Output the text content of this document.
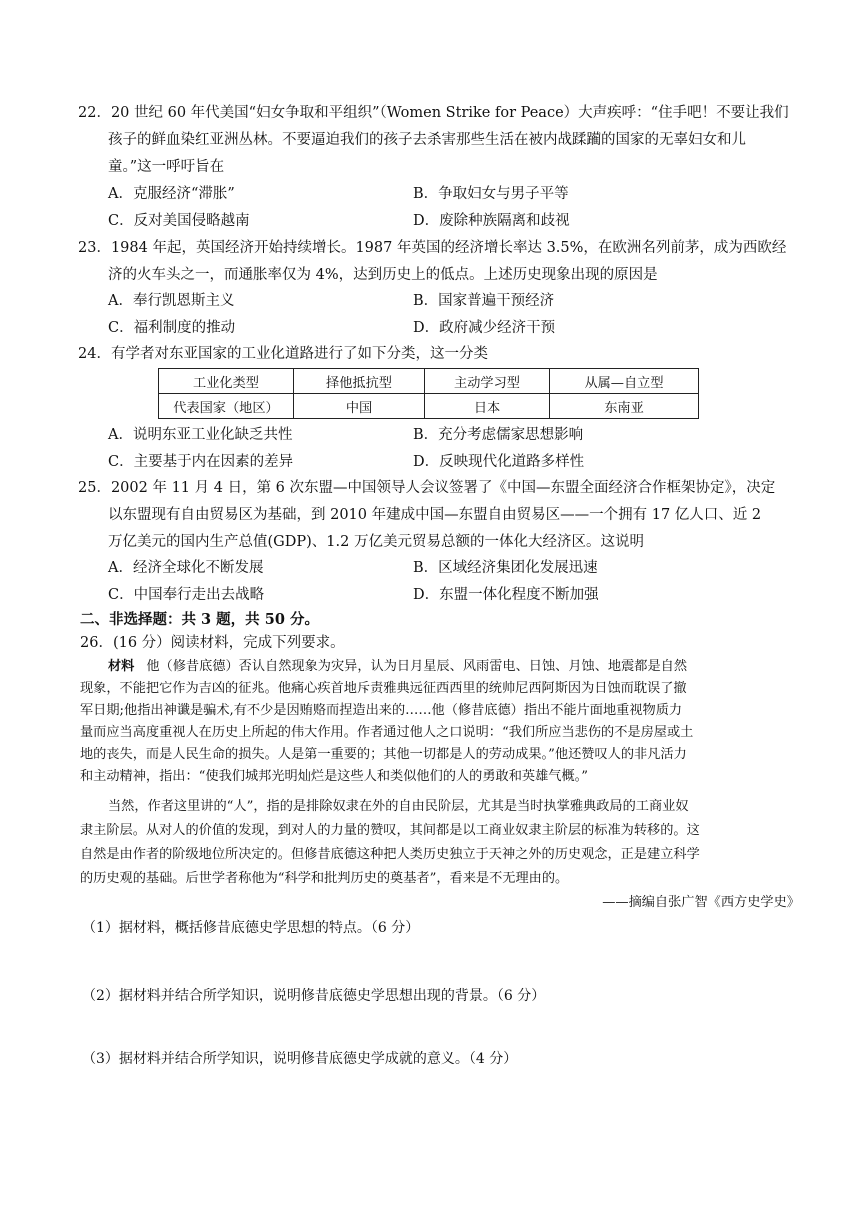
22．20 世纪 60 年代美国“妇女争取和平组织”（Women Strike for Peace）大声疾呼：“住手吧！不要让我们
孩子的鲜血染红亚洲丛林。不要逼迫我们的孩子去杀害那些生活在被内战蹂躏的国家的无辜妇女和儿
童。”这一呼吁旨在
A．克服经济“滞胀”	B．争取妇女与男子平等
C．反对美国侵略越南	D．废除种族隔离和歧视
23．1984 年起，英国经济开始持续增长。1987 年英国的经济增长率达 3.5%，在欧洲名列前茅，成为西欧经
济的火车头之一，而通胀率仅为 4%，达到历史上的低点。上述历史现象出现的原因是
A．奉行凯恩斯主义	B．国家普遍干预经济
C．福利制度的推动	D．政府减少经济干预
24．有学者对东亚国家的工业化道路进行了如下分类，这一分类
工业化类型	择他抵抗型	主动学习型	从属—自立型
代表国家（地区）	中国	日本	东南亚
A．说明东亚工业化缺乏共性	B．充分考虑儒家思想影响
C．主要基于内在因素的差异	D．反映现代化道路多样性
25．2002 年 11 月 4 日，第 6 次东盟—中国领导人会议签署了《中国—东盟全面经济合作框架协定》，决定
以东盟现有自由贸易区为基础，到 2010 年建成中国—东盟自由贸易区——一个拥有 17 亿人口、近 2
万亿美元的国内生产总值(GDP)、1.2 万亿美元贸易总额的一体化大经济区。这说明
A．经济全球化不断发展	B．区域经济集团化发展迅速
C．中国奉行走出去战略	D．东盟一体化程度不断加强
二、非选择题：共 3 题，共 50 分。
26．(16 分）阅读材料，完成下列要求。
材料 他（修昔底德）否认自然现象为灾异，认为日月星辰、风雨雷电、日蚀、月蚀、地震都是自然
现象，不能把它作为吉凶的征兆。他痛心疾首地斥责雅典远征西西里的统帅尼西阿斯因为日蚀而耽误了撤
军日期;他指出神谶是骗术,有不少是因贿赂而捏造出来的……他（修昔底德）指出不能片面地重视物质力
量而应当高度重视人在历史上所起的伟大作用。作者通过他人之口说明：“我们所应当悲伤的不是房屋或土
地的丧失，而是人民生命的损失。人是第一重要的；其他一切都是人的劳动成果。”他还赞叹人的非凡活力
和主动精神，指出：“使我们城邦光明灿烂是这些人和类似他们的人的勇敢和英雄气概。”
当然，作者这里讲的“人”，指的是排除奴隶在外的自由民阶层，尤其是当时执掌雅典政局的工商业奴
隶主阶层。从对人的价值的发现，到对人的力量的赞叹，其间都是以工商业奴隶主阶层的标准为转移的。这
自然是由作者的阶级地位所决定的。但修昔底德这种把人类历史独立于天神之外的历史观念，正是建立科学
的历史观的基础。后世学者称他为“科学和批判历史的奠基者”，看来是不无理由的。
——摘编自张广智《西方史学史》
（1）据材料，概括修昔底德史学思想的特点。（6 分）
（2）据材料并结合所学知识，说明修昔底德史学思想出现的背景。（6 分）
（3）据材料并结合所学知识，说明修昔底德史学成就的意义。（4 分）
